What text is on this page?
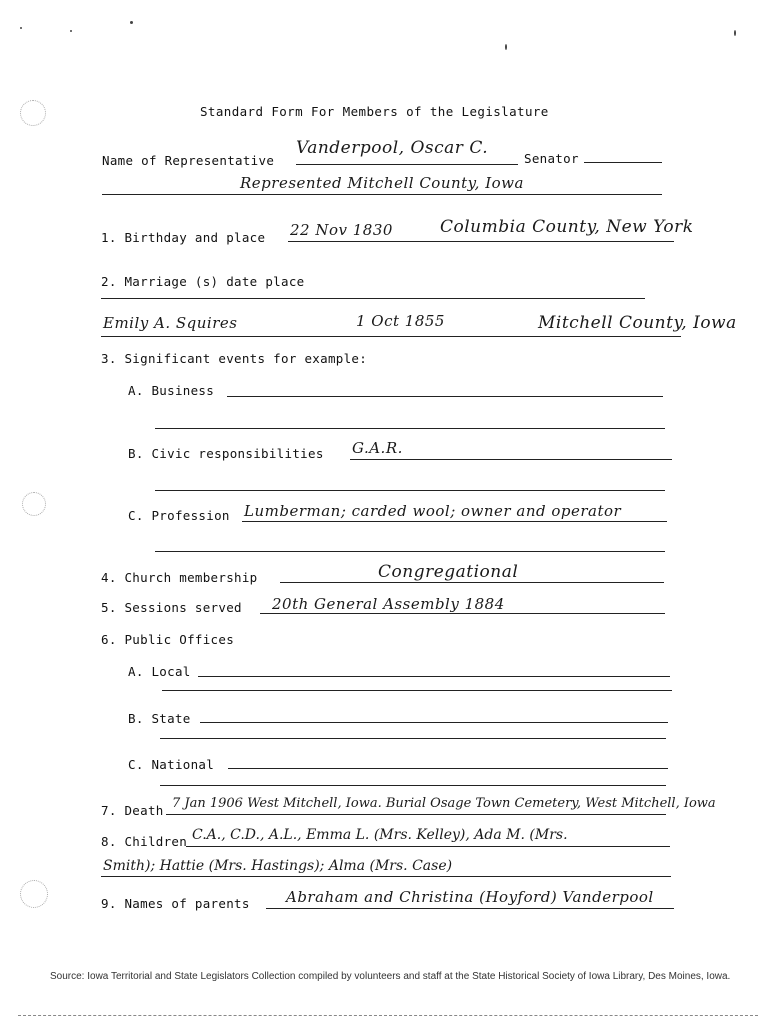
Standard Form For Members of the Legislature
Name of Representative
Vanderpool, Oscar C.
Senator
Represented Mitchell County, Iowa
1. Birthday and place 22 Nov 1830	Columbia County, New York
2. Marriage (s) date place
Emily A. Squires	1 Oct 1855	Mitchell County, Iowa
3. Significant events for example:
A. Business
B. Civic responsibilities G.A.R.
C. Profession Lumberman; carded wool; owner and operator
4. Church membership	Congregational
5. Sessions served 20th General Assembly 1884
6. Public Offices
A. Local
B. State
C. National
7. Death 7 Jan 1906 West Mitchell, Iowa. Burial Osage Town Cemetery, West Mitchell, Iowa
8. Children C.A., C.D., A.L., Emma L. (Mrs. Kelley), Ada M. (Mrs.
Smith); Hattie (Mrs. Hastings); Alma (Mrs. Case)
9. Names of parents Abraham and Christina (Hoyford) Vanderpool
Source: Iowa Territorial and State Legislators Collection compiled by volunteers and staff at the State Historical Society of Iowa Library, Des Moines, Iowa.
